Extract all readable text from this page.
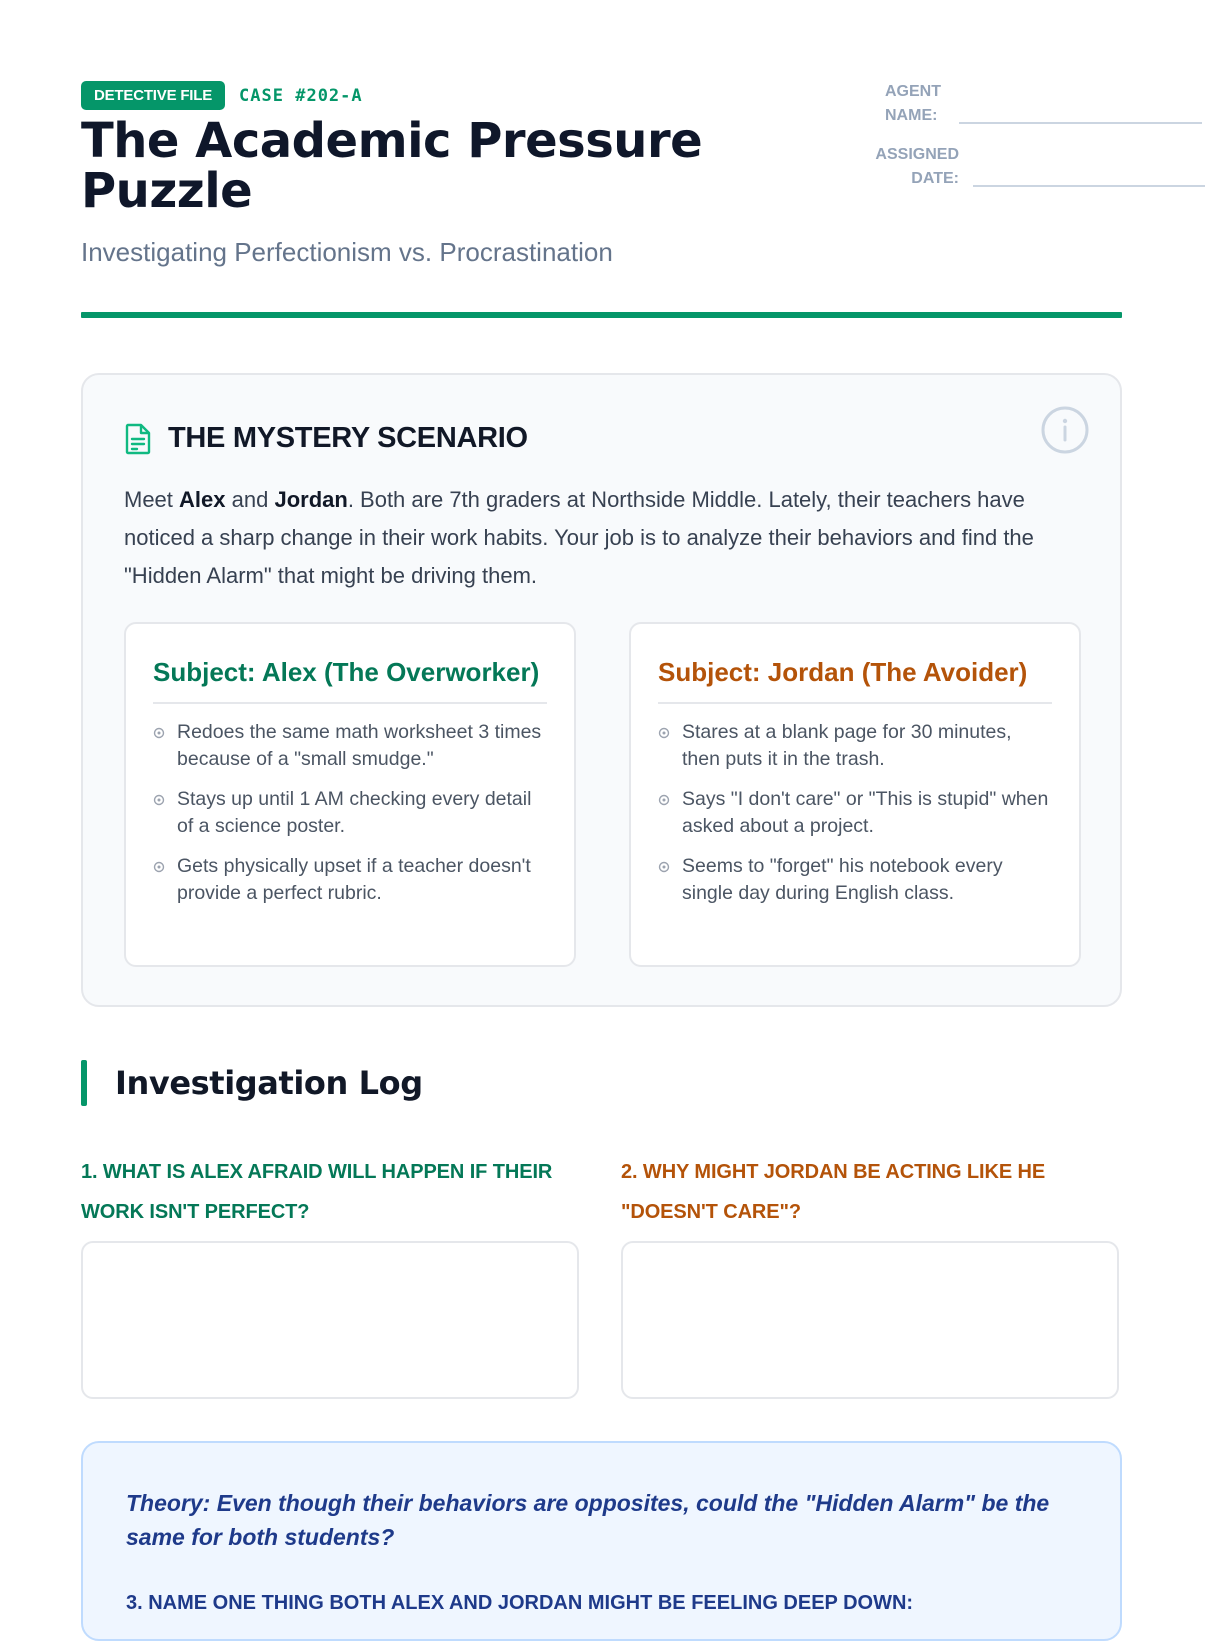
DETECTIVE FILE	CASE #202-A
The Academic Pressure Puzzle
Investigating Perfectionism vs. Procrastination
AGENT NAME:
ASSIGNED DATE:
THE MYSTERY SCENARIO

Meet Alex and Jordan. Both are 7th graders at Northside Middle. Lately, their teachers have noticed a sharp change in their work habits. Your job is to analyze their behaviors and find the "Hidden Alarm" that might be driving them.

Subject: Alex (The Overworker)
Redoes the same math worksheet 3 times because of a "small smudge."
Stays up until 1 AM checking every detail of a science poster.
Gets physically upset if a teacher doesn't provide a perfect rubric.
Subject: Jordan (The Avoider)
Stares at a blank page for 30 minutes, then puts it in the trash.
Says "I don't care" or "This is stupid" when asked about a project.
Seems to "forget" his notebook every single day during English class.
Investigation Log
1. WHAT IS ALEX AFRAID WILL HAPPEN IF THEIR WORK ISN'T PERFECT?
2. WHY MIGHT JORDAN BE ACTING LIKE HE "DOESN'T CARE"?

Theory: Even though their behaviors are opposites, could the "Hidden Alarm" be the same for both students?

3. NAME ONE THING BOTH ALEX AND JORDAN MIGHT BE FEELING DEEP DOWN:
